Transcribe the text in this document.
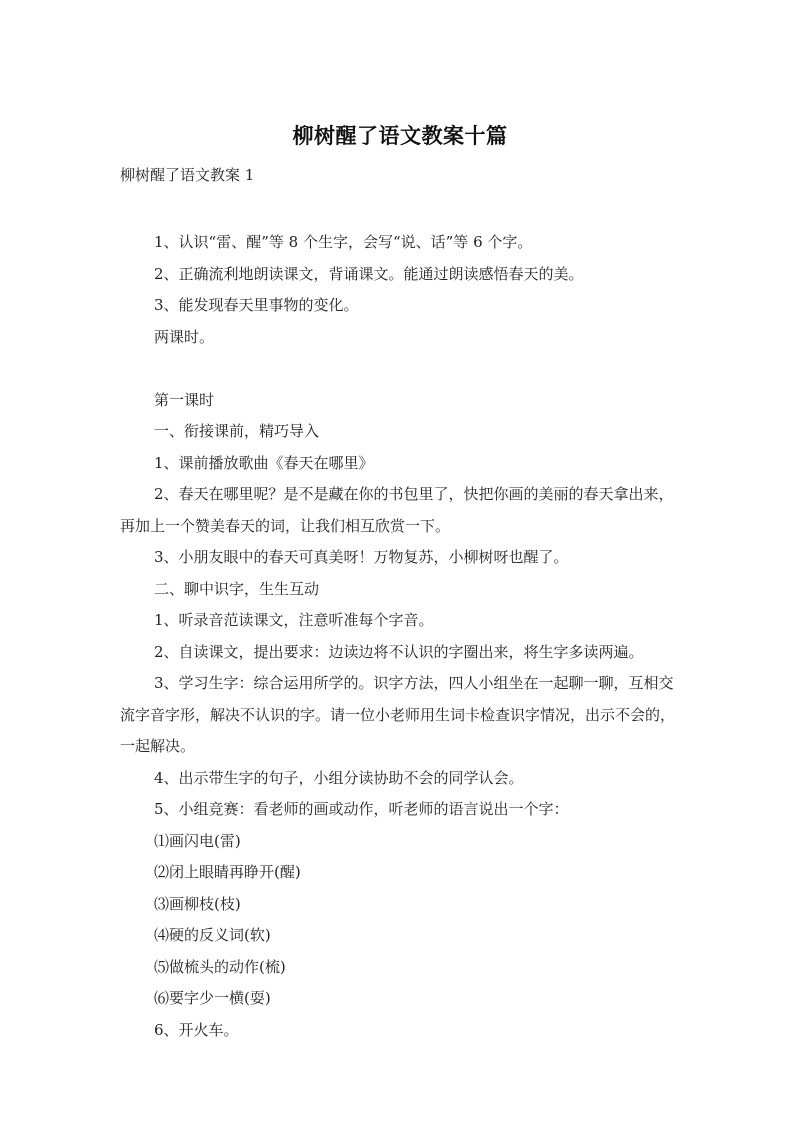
柳树醒了语文教案十篇
柳树醒了语文教案 1

1、认识“雷、醒”等 8 个生字，会写“说、话”等 6 个字。

2、正确流利地朗读课文，背诵课文。能通过朗读感悟春天的美。

3、能发现春天里事物的变化。

两课时。

第一课时

一、衔接课前，精巧导入

1、课前播放歌曲《春天在哪里》

2、春天在哪里呢？是不是藏在你的书包里了，快把你画的美丽的春天拿出来，再加上一个赞美春天的词，让我们相互欣赏一下。

3、小朋友眼中的春天可真美呀！万物复苏，小柳树呀也醒了。

二、聊中识字，生生互动

1、听录音范读课文，注意听准每个字音。

2、自读课文，提出要求：边读边将不认识的字圈出来，将生字多读两遍。

3、学习生字：综合运用所学的。识字方法，四人小组坐在一起聊一聊，互相交流字音字形，解决不认识的字。请一位小老师用生词卡检查识字情况，出示不会的，一起解决。

4、出示带生字的句子，小组分读协助不会的同学认会。

5、小组竞赛：看老师的画或动作，听老师的语言说出一个字：

⑴画闪电(雷)

⑵闭上眼睛再睁开(醒)

⑶画柳枝(枝)

⑷硬的反义词(软)

⑸做梳头的动作(梳)

⑹要字少一横(耍)

6、开火车。
